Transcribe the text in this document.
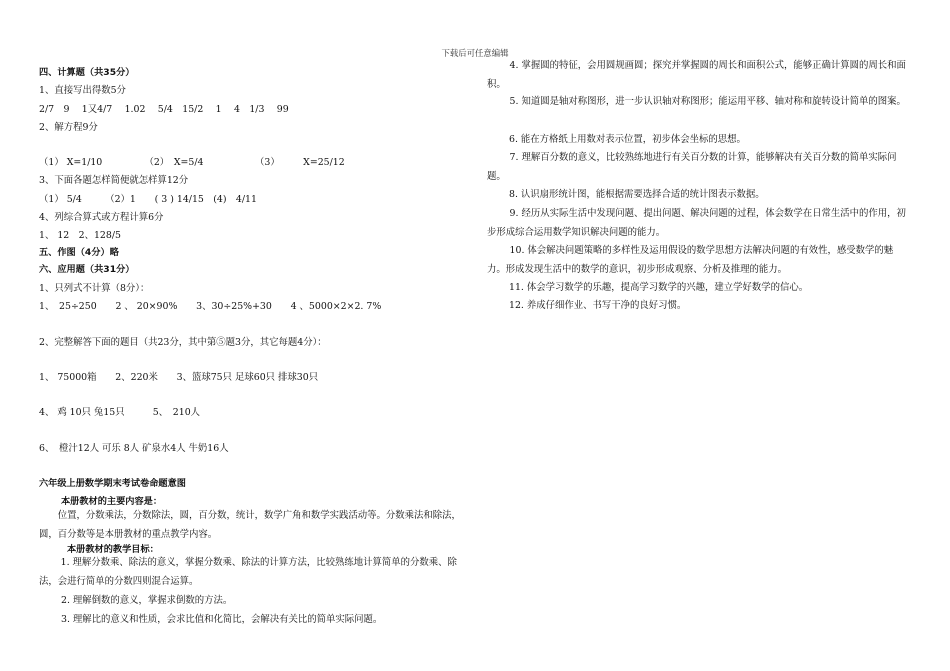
下载后可任意编辑
四、计算题（共35分）
1、直接写出得数5分
2/7　9　 1又4/7　 1.02　 5/4　15/2　 1　 4　1/3　 99
2、解方程9分
（1） X=1/10　　　　　（2）　X=5/4　　　　　　（3）　　　X=25/12
3、下面各题怎样简便就怎样算12分
（1） 5/4　　　（2）1　　( 3 ) 14/15　(4)　4/11
4、列综合算式或方程计算6分
1、 12　2、128/5
五、作图（4分）略
六、应用题（共31分）
1、只列式不计算（8分）：
1、　25÷250　　2 、 20×90%　　3、30÷25%+30　　4 、5000×2×2. 7%
2、完整解答下面的题目（共23分，其中第⑤题3分，其它每题4分）：
1、 75000箱　　2、220米　　3、篮球75只 足球60只 排球30只
4、 鸡 10只 兔15只　　　5、　210人
6、　橙汁12人 可乐 8人 矿泉水4人 牛奶16人
六年级上册数学期末考试卷命题意图
本册教材的主要内容是：
位置，分数乘法，分数除法，圆，百分数，统计，数学广角和数学实践活动等。分数乘法和除法，圆，百分数等是本册教材的重点教学内容。
本册教材的教学目标：
1. 理解分数乘、除法的意义，掌握分数乘、除法的计算方法，比较熟练地计算简单的分数乘、除法，会进行简单的分数四则混合运算。
2. 理解倒数的意义，掌握求倒数的方法。
3. 理解比的意义和性质，会求比值和化简比，会解决有关比的简单实际问题。
4. 掌握圆的特征，会用圆规画圆；探究并掌握圆的周长和面积公式，能够正确计算圆的周长和面积。
5. 知道圆是轴对称图形，进一步认识轴对称图形；能运用平移、轴对称和旋转设计简单的图案。
6. 能在方格纸上用数对表示位置，初步体会坐标的思想。
7. 理解百分数的意义，比较熟练地进行有关百分数的计算，能够解决有关百分数的简单实际问题。
8. 认识扇形统计图，能根据需要选择合适的统计图表示数据。
9. 经历从实际生活中发现问题、提出问题、解决问题的过程，体会数学在日常生活中的作用，初步形成综合运用数学知识解决问题的能力。
10. 体会解决问题策略的多样性及运用假设的数学思想方法解决问题的有效性，感受数学的魅力。形成发现生活中的数学的意识，初步形成观察、分析及推理的能力。
11. 体会学习数学的乐趣，提高学习数学的兴趣，建立学好数学的信心。
12. 养成仔细作业、书写干净的良好习惯。
